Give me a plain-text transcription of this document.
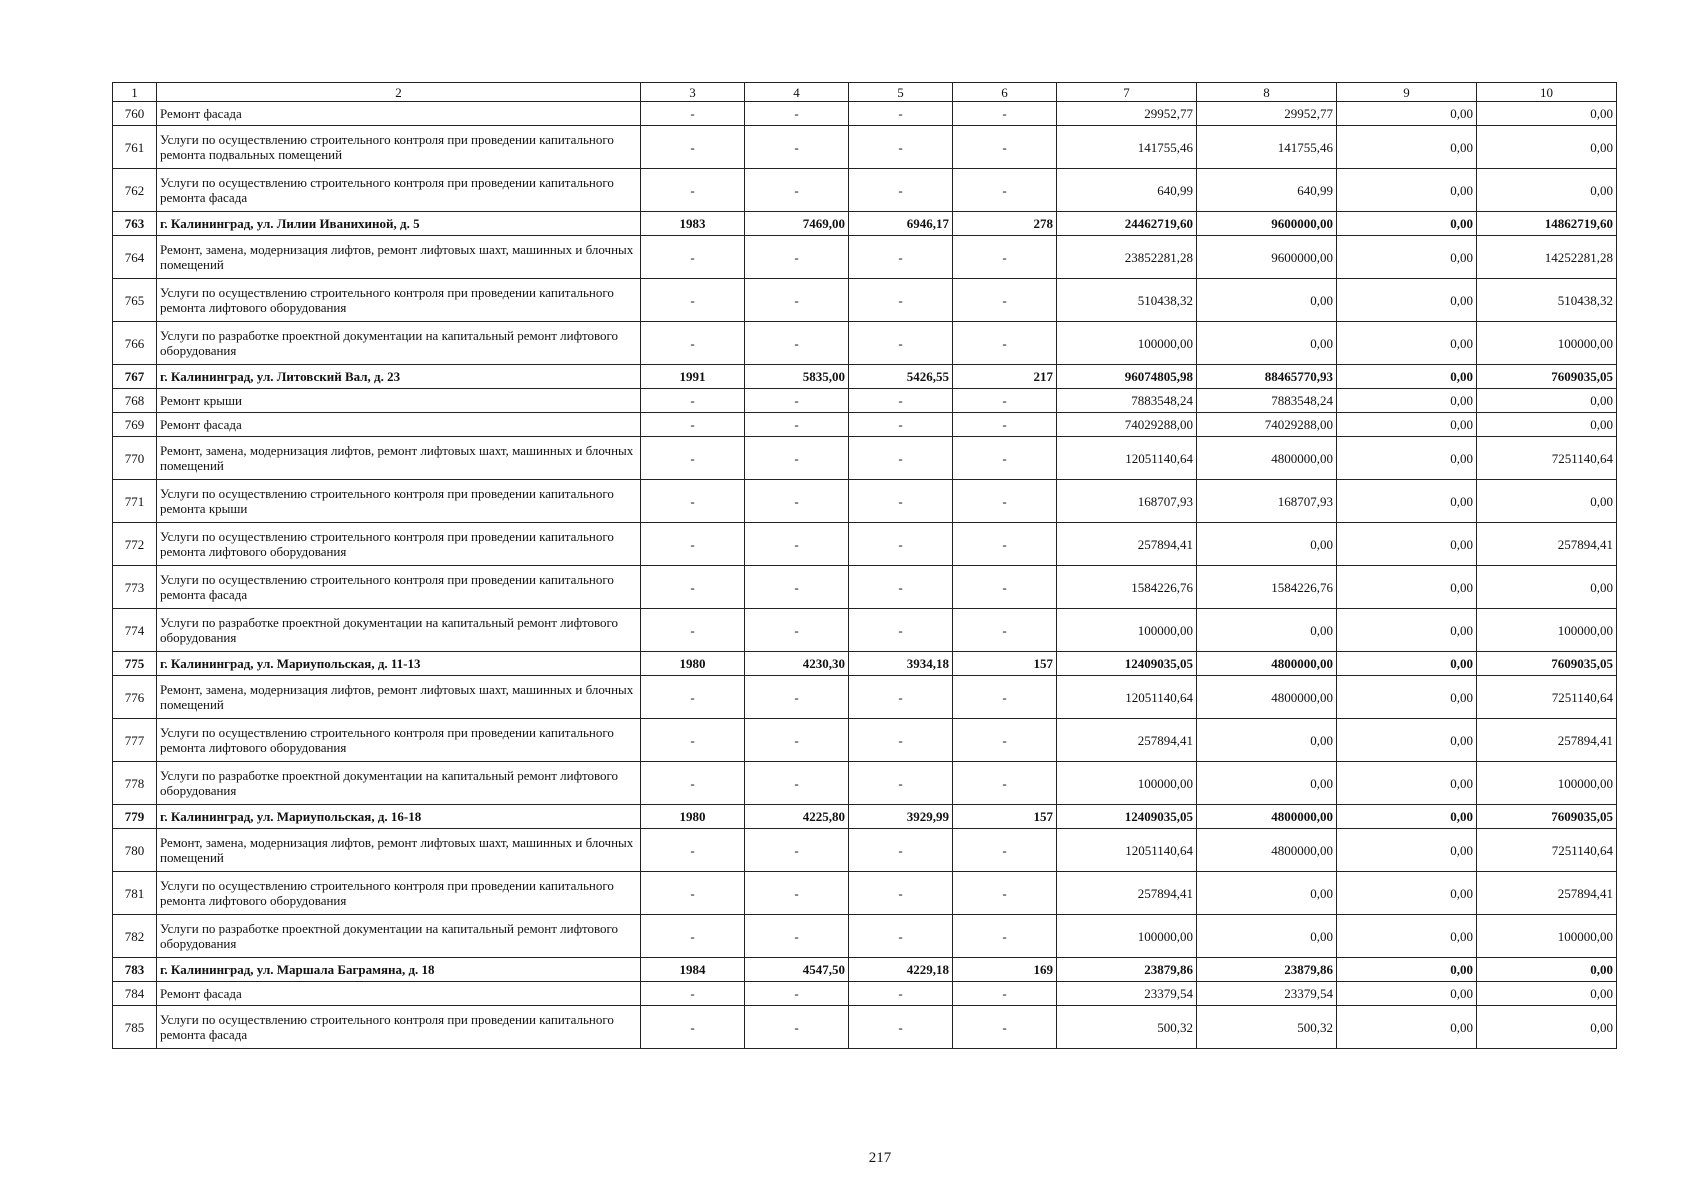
1	2	3	4	5	6	7	8	9	10
760	Ремонт фасада	-	-	-	-	29952,77	29952,77	0,00	0,00
761	Услуги по осуществлению строительного контроля при проведении капитального ремонта подвальных помещений	-	-	-	-	141755,46	141755,46	0,00	0,00
762	Услуги по осуществлению строительного контроля при проведении капитального ремонта фасада	-	-	-	-	640,99	640,99	0,00	0,00
763	г. Калининград, ул. Лилии Иванихиной, д. 5	1983	7469,00	6946,17	278	24462719,60	9600000,00	0,00	14862719,60
764	Ремонт, замена, модернизация лифтов, ремонт лифтовых шахт, машинных и блочных помещений	-	-	-	-	23852281,28	9600000,00	0,00	14252281,28
765	Услуги по осуществлению строительного контроля при проведении капитального ремонта лифтового оборудования	-	-	-	-	510438,32	0,00	0,00	510438,32
766	Услуги по разработке проектной документации на капитальный ремонт лифтового оборудования	-	-	-	-	100000,00	0,00	0,00	100000,00
767	г. Калининград, ул. Литовский Вал, д. 23	1991	5835,00	5426,55	217	96074805,98	88465770,93	0,00	7609035,05
768	Ремонт крыши	-	-	-	-	7883548,24	7883548,24	0,00	0,00
769	Ремонт фасада	-	-	-	-	74029288,00	74029288,00	0,00	0,00
770	Ремонт, замена, модернизация лифтов, ремонт лифтовых шахт, машинных и блочных помещений	-	-	-	-	12051140,64	4800000,00	0,00	7251140,64
771	Услуги по осуществлению строительного контроля при проведении капитального ремонта крыши	-	-	-	-	168707,93	168707,93	0,00	0,00
772	Услуги по осуществлению строительного контроля при проведении капитального ремонта лифтового оборудования	-	-	-	-	257894,41	0,00	0,00	257894,41
773	Услуги по осуществлению строительного контроля при проведении капитального ремонта фасада	-	-	-	-	1584226,76	1584226,76	0,00	0,00
774	Услуги по разработке проектной документации на капитальный ремонт лифтового оборудования	-	-	-	-	100000,00	0,00	0,00	100000,00
775	г. Калининград, ул. Мариупольская, д. 11-13	1980	4230,30	3934,18	157	12409035,05	4800000,00	0,00	7609035,05
776	Ремонт, замена, модернизация лифтов, ремонт лифтовых шахт, машинных и блочных помещений	-	-	-	-	12051140,64	4800000,00	0,00	7251140,64
777	Услуги по осуществлению строительного контроля при проведении капитального ремонта лифтового оборудования	-	-	-	-	257894,41	0,00	0,00	257894,41
778	Услуги по разработке проектной документации на капитальный ремонт лифтового оборудования	-	-	-	-	100000,00	0,00	0,00	100000,00
779	г. Калининград, ул. Мариупольская, д. 16-18	1980	4225,80	3929,99	157	12409035,05	4800000,00	0,00	7609035,05
780	Ремонт, замена, модернизация лифтов, ремонт лифтовых шахт, машинных и блочных помещений	-	-	-	-	12051140,64	4800000,00	0,00	7251140,64
781	Услуги по осуществлению строительного контроля при проведении капитального ремонта лифтового оборудования	-	-	-	-	257894,41	0,00	0,00	257894,41
782	Услуги по разработке проектной документации на капитальный ремонт лифтового оборудования	-	-	-	-	100000,00	0,00	0,00	100000,00
783	г. Калининград, ул. Маршала Баграмяна, д. 18	1984	4547,50	4229,18	169	23879,86	23879,86	0,00	0,00
784	Ремонт фасада	-	-	-	-	23379,54	23379,54	0,00	0,00
785	Услуги по осуществлению строительного контроля при проведении капитального ремонта фасада	-	-	-	-	500,32	500,32	0,00	0,00
217
